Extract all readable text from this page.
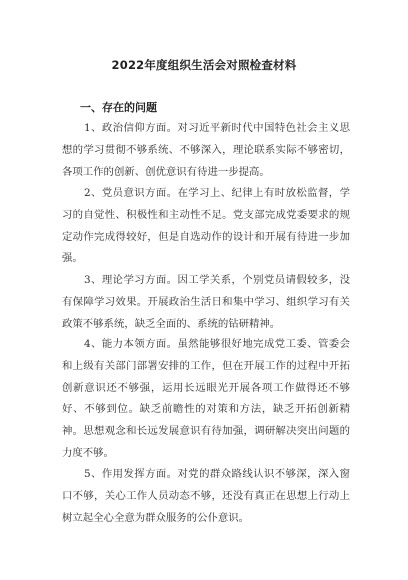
2022年度组织生活会对照检查材料
一、存在的问题

1、政治信仰方面。对习近平新时代中国特色社会主义思想的学习贯彻不够系统、不够深入，理论联系实际不够密切，各项工作的创新、创优意识有待进一步提高。

2、党员意识方面。在学习上、纪律上有时放松监督，学习的自觉性、积极性和主动性不足。党支部完成党委要求的规定动作完成得较好，但是自选动作的设计和开展有待进一步加强。

3、理论学习方面。因工学关系，个别党员请假较多，没有保障学习效果。开展政治生活日和集中学习、组织学习有关政策不够系统，缺乏全面的、系统的钻研精神。

4、能力本领方面。虽然能够很好地完成党工委、管委会和上级有关部门部署安排的工作，但在开展工作的过程中开拓创新意识还不够强，运用长远眼光开展各项工作做得还不够好、不够到位。缺乏前瞻性的对策和方法，缺乏开拓创新精神。思想观念和长远发展意识有待加强，调研解决突出问题的力度不够。

5、作用发挥方面。对党的群众路线认识不够深，深入窗口不够，关心工作人员动态不够，还没有真正在思想上行动上树立起全心全意为群众服务的公仆意识。
